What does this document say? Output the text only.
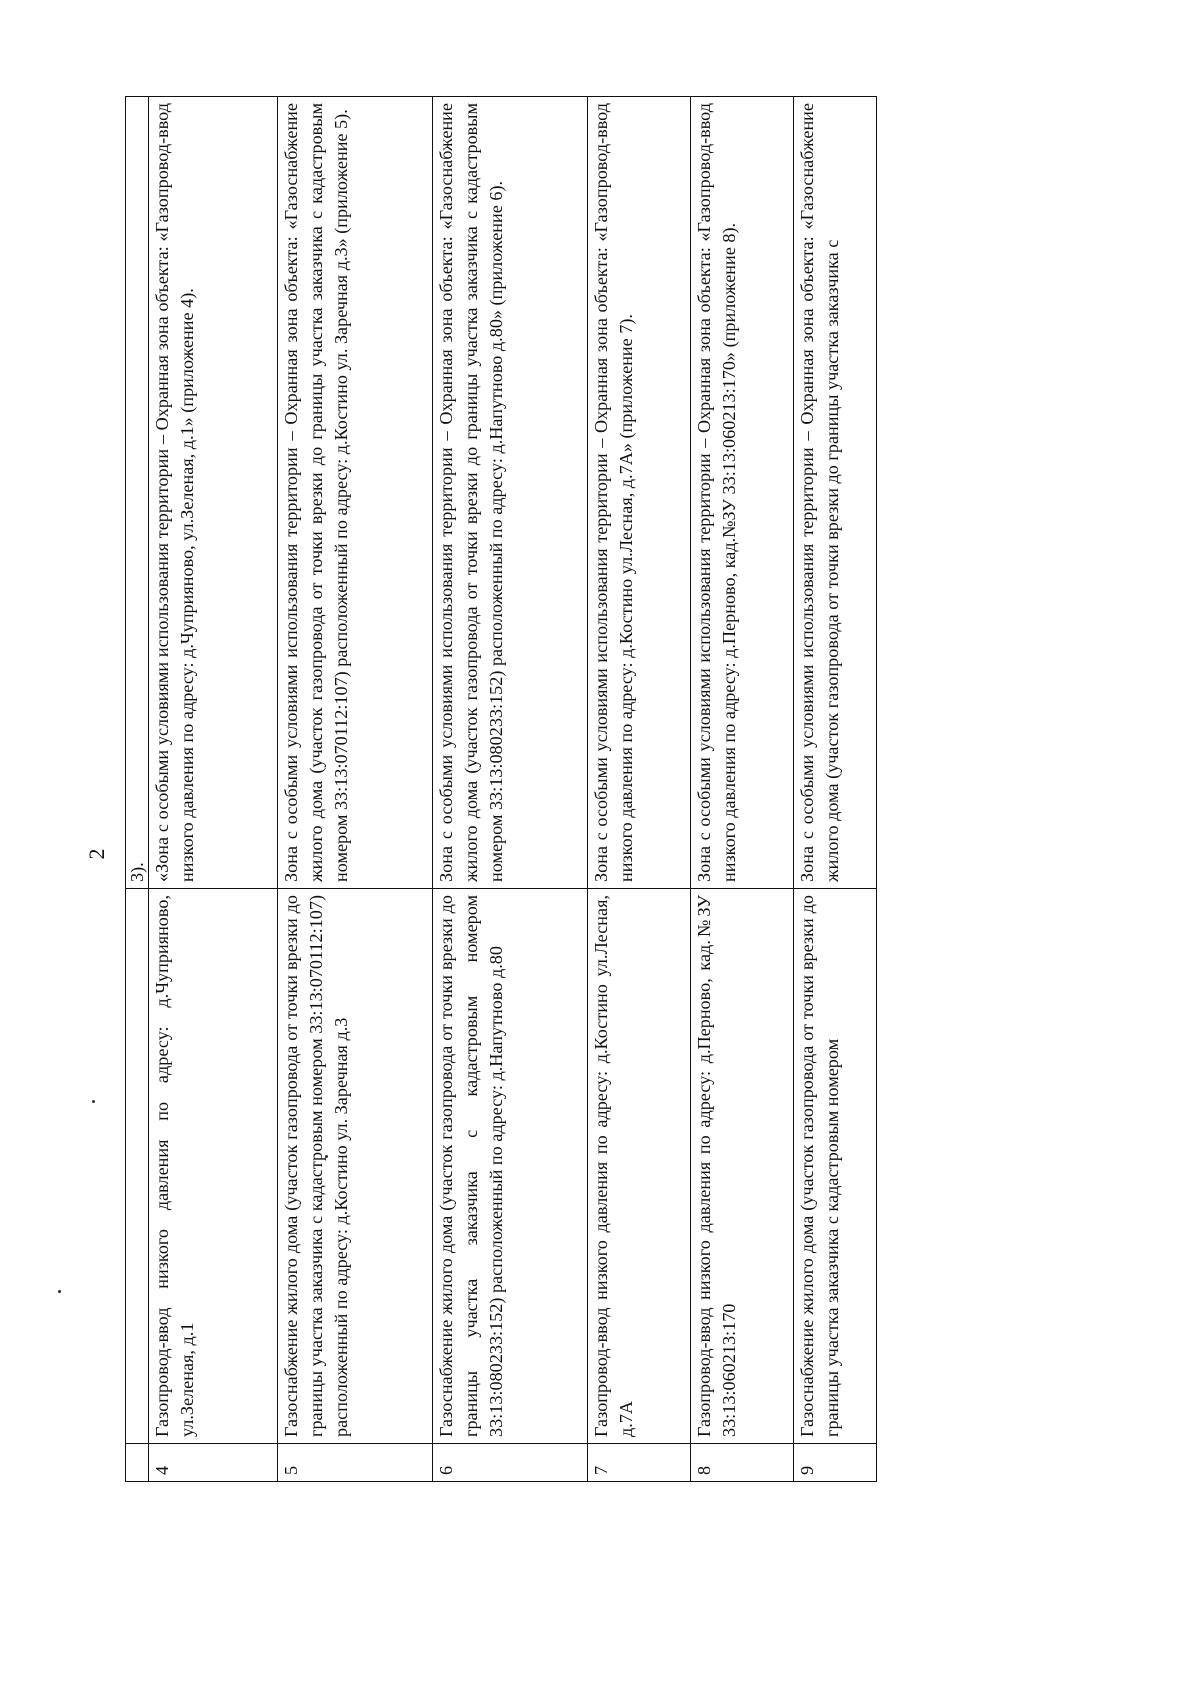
2
		3).
4	Газопровод-ввод низкого давления по адресу: д.Чуприяново, ул.Зеленая, д.1	«Зона с особыми условиями использования территории – Охранная зона объекта: «Газопровод-ввод низкого давления по адресу: д.Чуприяново, ул.Зеленая, д.1» (приложение 4).
5	Газоснабжение жилого дома (участок газопровода от точки врезки до границы участка заказчика с кадастровым номером 33:13:070112:107) расположенный по адресу: д.Костино ул. Заречная д.3	Зона с особыми условиями использования территории – Охранная зона объекта: «Газоснабжение жилого дома (участок газопровода от точки врезки до границы участка заказчика с кадастровым номером 33:13:070112:107) расположенный по адресу: д.Костино ул. Заречная д.3» (приложение 5).
6	Газоснабжение жилого дома (участок газопровода от точки врезки до границы участка заказчика с кадастровым номером 33:13:080233:152) расположенный по адресу: д.Напутново д.80	Зона с особыми условиями использования территории – Охранная зона объекта: «Газоснабжение жилого дома (участок газопровода от точки врезки до границы участка заказчика с кадастровым номером 33:13:080233:152) расположенный по адресу: д.Напутново д.80» (приложение 6).
7	Газопровод-ввод низкого давления по адресу: д.Костино ул.Лесная, д.7А	Зона с особыми условиями использования территории – Охранная зона объекта: «Газопровод-ввод низкого давления по адресу: д.Костино ул.Лесная, д.7А» (приложение 7).
8	Газопровод-ввод низкого давления по адресу: д.Перново, кад.№ЗУ 33:13:060213:170	Зона с особыми условиями использования территории – Охранная зона объекта: «Газопровод-ввод низкого давления по адресу: д.Перново, кад.№ЗУ 33:13:060213:170» (приложение 8).
9	Газоснабжение жилого дома (участок газопровода от точки врезки до границы участка заказчика с кадастровым номером	Зона с особыми условиями использования территории – Охранная зона объекта: «Газоснабжение жилого дома (участок газопровода от точки врезки до границы участка заказчика с
